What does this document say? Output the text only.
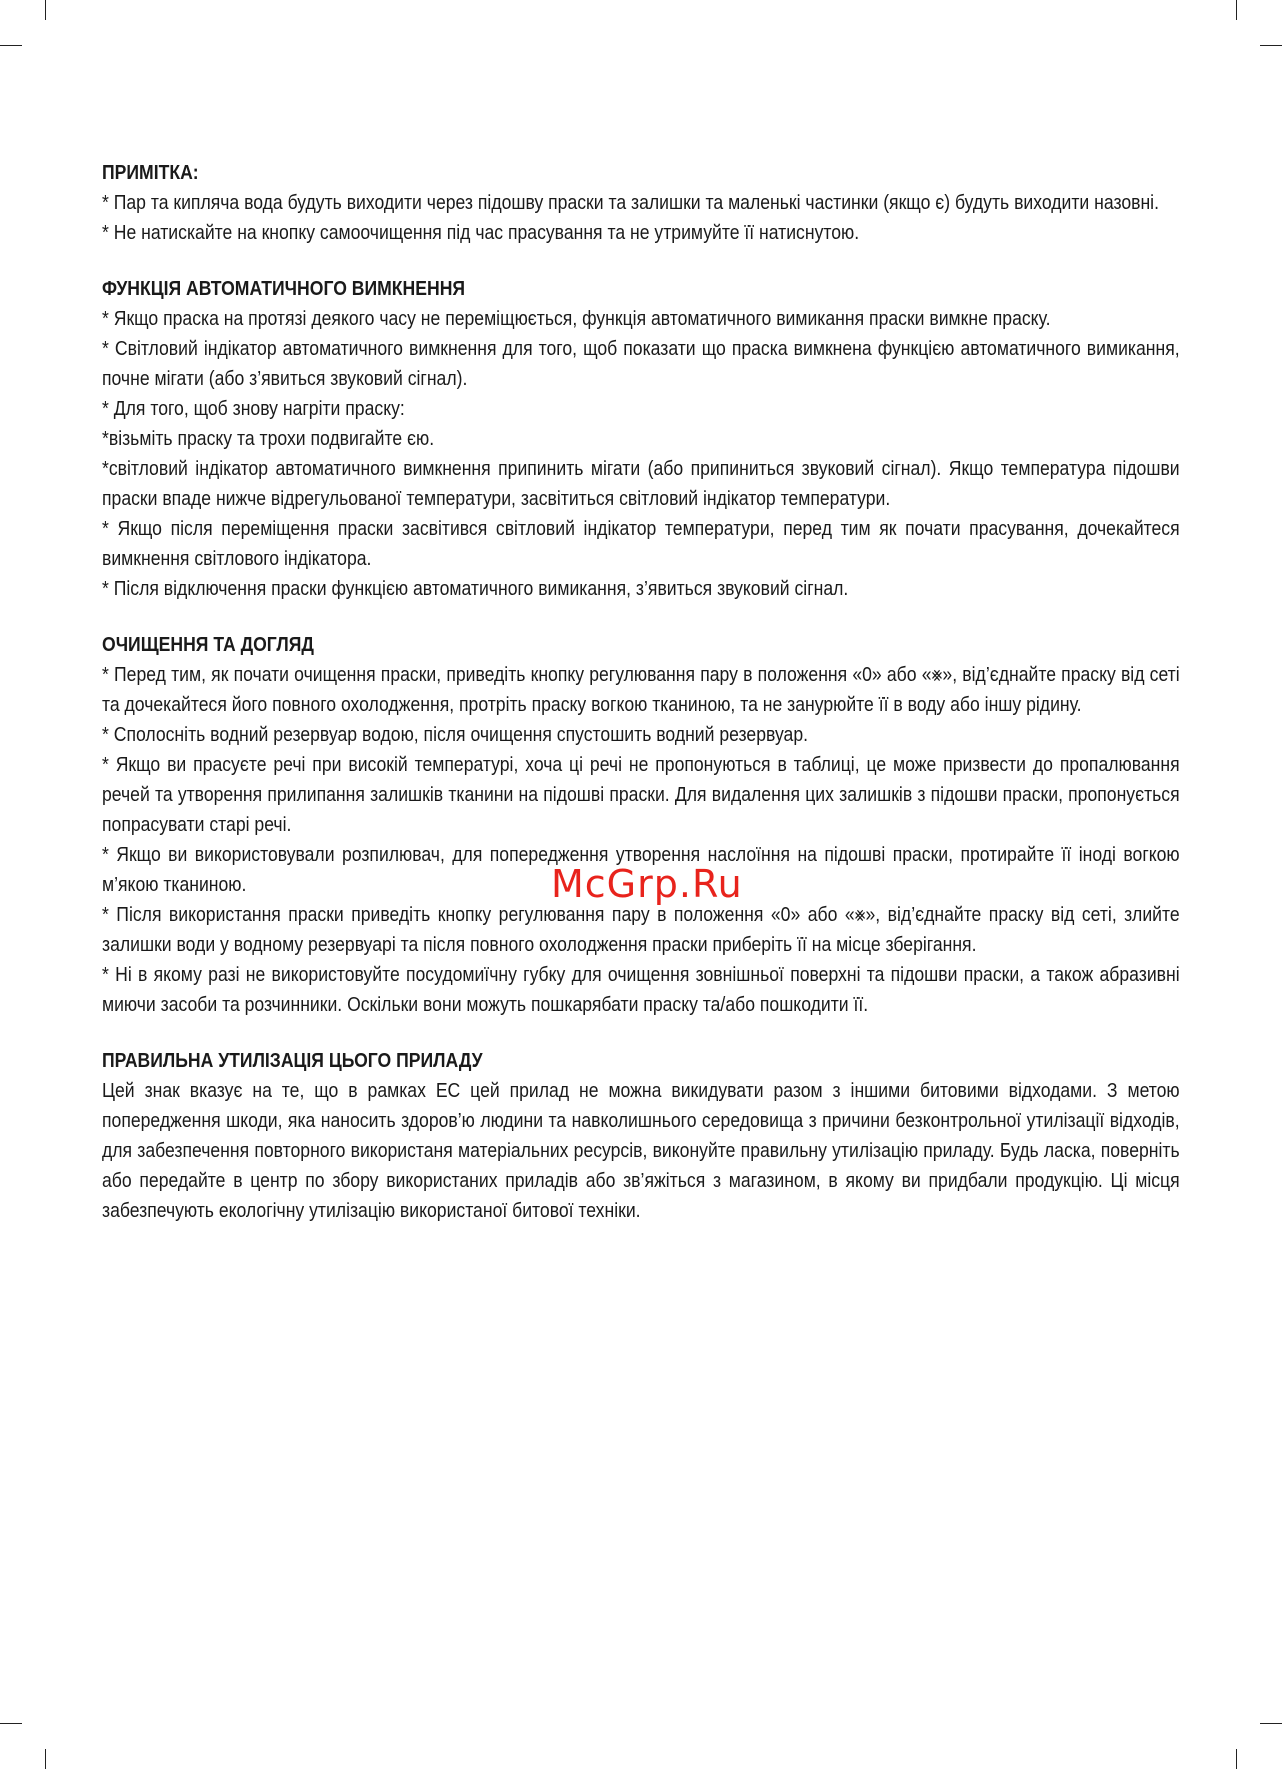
ПРИМІТКА:

* Пар та кипляча вода будуть виходити через підошву праски та залишки та маленькі частинки (якщо є) будуть виходити назовні.

* Не натискайте на кнопку самоочищення під час прасування та не утримуйте її натиснутою.

ФУНКЦІЯ АВТОМАТИЧНОГО ВИМКНЕННЯ

* Якщо праска на протязі деякого часу не переміщюється, функція автоматичного вимикання праски вимкне праску.

* Світловий індікатор автоматичного вимкнення для того, щоб показати що праска вимкнена функцією автоматичного вимикання, почне мігати (або з’явиться звуковий сігнал).

* Для того, щоб знову нагріти праску:

*візьміть праску та трохи подвигайте єю.

*світловий індікатор автоматичного вимкнення припинить мігати (або припиниться звуковий сігнал). Якщо температура підошви праски впаде нижче відрегульованої температури, засвітиться світловий індікатор температури.

* Якщо після переміщення праски засвітився світловий індікатор температури, перед тим як почати прасування, дочекайтеся вимкнення світлового індікатора.

* Після відключення праски функцією автоматичного вимикання, з’явиться звуковий сігнал.

ОЧИЩЕННЯ ТА ДОГЛЯД

* Перед тим, як почати очищення праски, приведіть кнопку регулювання пару в положення «0» або «⨳», від’єднайте праску від сеті та дочекайтеся його повного охолодження, протріть праску вогкою тканиною, та не занурюйте її в воду або іншу рідину.

* Сполосніть водний резервуар водою, після очищення спустошить водний резервуар.

* Якщо ви прасуєте речі при високій температурі, хоча ці речі не пропонуються в таблиці, це може призвести до пропалювання речей та утворення прилипання залишків тканини на підошві праски. Для видалення цих залишків з підошви праски, пропонується попрасувати старі речі.

* Якщо ви використовували розпилювач, для попередження утворення наслоїння на підошві праски, протирайте її іноді вогкою м’якою тканиною.

* Після використання праски приведіть кнопку регулювання пару в положення «0» або «⨳», від’єднайте праску від сеті, злийте залишки води у водному резервуарі та після повного охолодження праски приберіть її на місце зберігання.

* Ні в якому разі не використовуйте посудомиїчну губку для очищення зовнішньої поверхні та підошви праски, а також абразивні миючи засоби та розчинники. Оскільки вони можуть пошкарябати праску та/або пошкодити її.

ПРАВИЛЬНА УТИЛІЗАЦІЯ ЦЬОГО ПРИЛАДУ

Цей знак вказує на те, що в рамках ЕС цей прилад не можна викидувати разом з іншими битовими відходами. З метою попередження шкоди, яка наносить здоров’ю людини та навколишнього середовища з причини безконтрольної утилізації відходів, для забезпечення повторного використаня матеріальних ресурсів, виконуйте правильну утилізацію приладу. Будь ласка, поверніть або передайте в центр по збору використаних приладів або зв’яжіться з магазином, в якому ви придбали продукцію. Ці місця забезпечують екологічну утилізацію використаної битової техніки.

McGrp.Ru
